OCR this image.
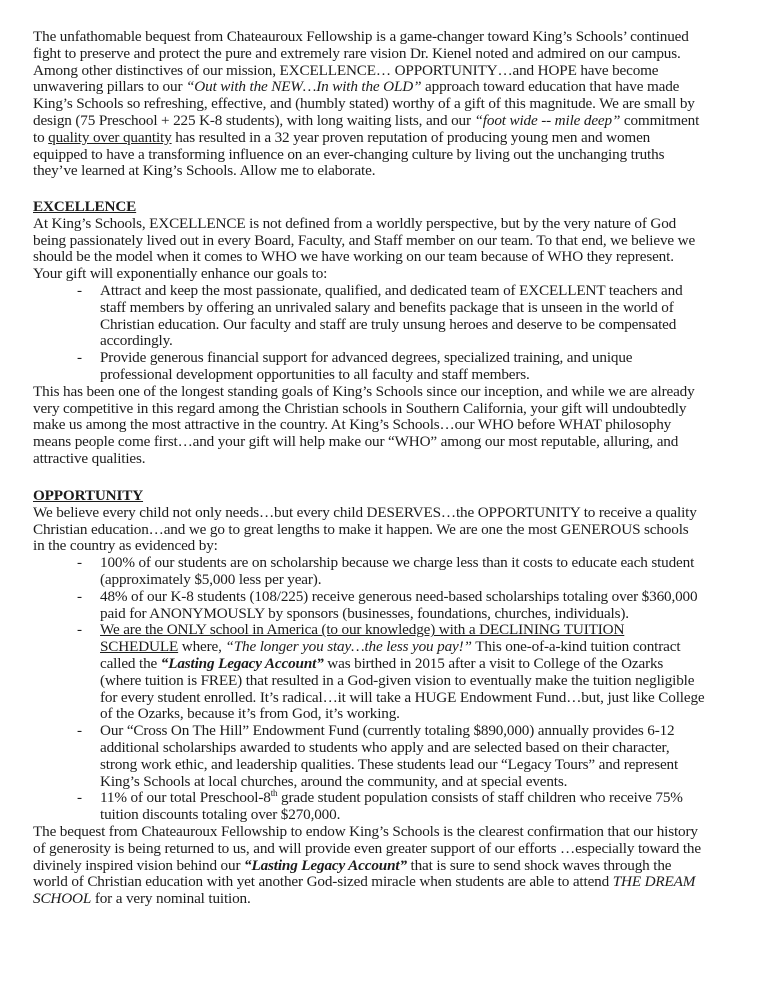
The unfathomable bequest from Chateauroux Fellowship is a game-changer toward King’s Schools’ continued
fight to preserve and protect the pure and extremely rare vision Dr. Kienel noted and admired on our campus.
Among other distinctives of our mission, EXCELLENCE… OPPORTUNITY…and HOPE have become
unwavering pillars to our “Out with the NEW…In with the OLD” approach toward education that have made
King’s Schools so refreshing, effective, and (humbly stated) worthy of a gift of this magnitude. We are small by
design (75 Preschool + 225 K-8 students), with long waiting lists, and our “foot wide -- mile deep” commitment
to quality over quantity has resulted in a 32 year proven reputation of producing young men and women
equipped to have a transforming influence on an ever-changing culture by living out the unchanging truths
they’ve learned at King’s Schools. Allow me to elaborate.
EXCELLENCE
At King’s Schools, EXCELLENCE is not defined from a worldly perspective, but by the very nature of God
being passionately lived out in every Board, Faculty, and Staff member on our team. To that end, we believe we
should be the model when it comes to WHO we have working on our team because of WHO they represent.
Your gift will exponentially enhance our goals to:
- Attract and keep the most passionate, qualified, and dedicated team of EXCELLENT teachers and
staff members by offering an unrivaled salary and benefits package that is unseen in the world of
Christian education. Our faculty and staff are truly unsung heroes and deserve to be compensated
accordingly.
- Provide generous financial support for advanced degrees, specialized training, and unique
professional development opportunities to all faculty and staff members.
This has been one of the longest standing goals of King’s Schools since our inception, and while we are already
very competitive in this regard among the Christian schools in Southern California, your gift will undoubtedly
make us among the most attractive in the country. At King’s Schools…our WHO before WHAT philosophy
means people come first…and your gift will help make our “WHO” among our most reputable, alluring, and
attractive qualities.
OPPORTUNITY
We believe every child not only needs…but every child DESERVES…the OPPORTUNITY to receive a quality
Christian education…and we go to great lengths to make it happen. We are one the most GENEROUS schools
in the country as evidenced by:
- 100% of our students are on scholarship because we charge less than it costs to educate each student
(approximately $5,000 less per year).
- 48% of our K-8 students (108/225) receive generous need-based scholarships totaling over $360,000
paid for ANONYMOUSLY by sponsors (businesses, foundations, churches, individuals).
- We are the ONLY school in America (to our knowledge) with a DECLINING TUITION
SCHEDULE where, “The longer you stay…the less you pay!” This one-of-a-kind tuition contract
called the “Lasting Legacy Account” was birthed in 2015 after a visit to College of the Ozarks
(where tuition is FREE) that resulted in a God-given vision to eventually make the tuition negligible
for every student enrolled. It’s radical…it will take a HUGE Endowment Fund…but, just like College
of the Ozarks, because it’s from God, it’s working.
- Our “Cross On The Hill” Endowment Fund (currently totaling $890,000) annually provides 6-12
additional scholarships awarded to students who apply and are selected based on their character,
strong work ethic, and leadership qualities. These students lead our “Legacy Tours” and represent
King’s Schools at local churches, around the community, and at special events.
- 11% of our total Preschool-8th grade student population consists of staff children who receive 75%
tuition discounts totaling over $270,000.
The bequest from Chateauroux Fellowship to endow King’s Schools is the clearest confirmation that our history
of generosity is being returned to us, and will provide even greater support of our efforts …especially toward the
divinely inspired vision behind our “Lasting Legacy Account” that is sure to send shock waves through the
world of Christian education with yet another God-sized miracle when students are able to attend THE DREAM
SCHOOL for a very nominal tuition.
